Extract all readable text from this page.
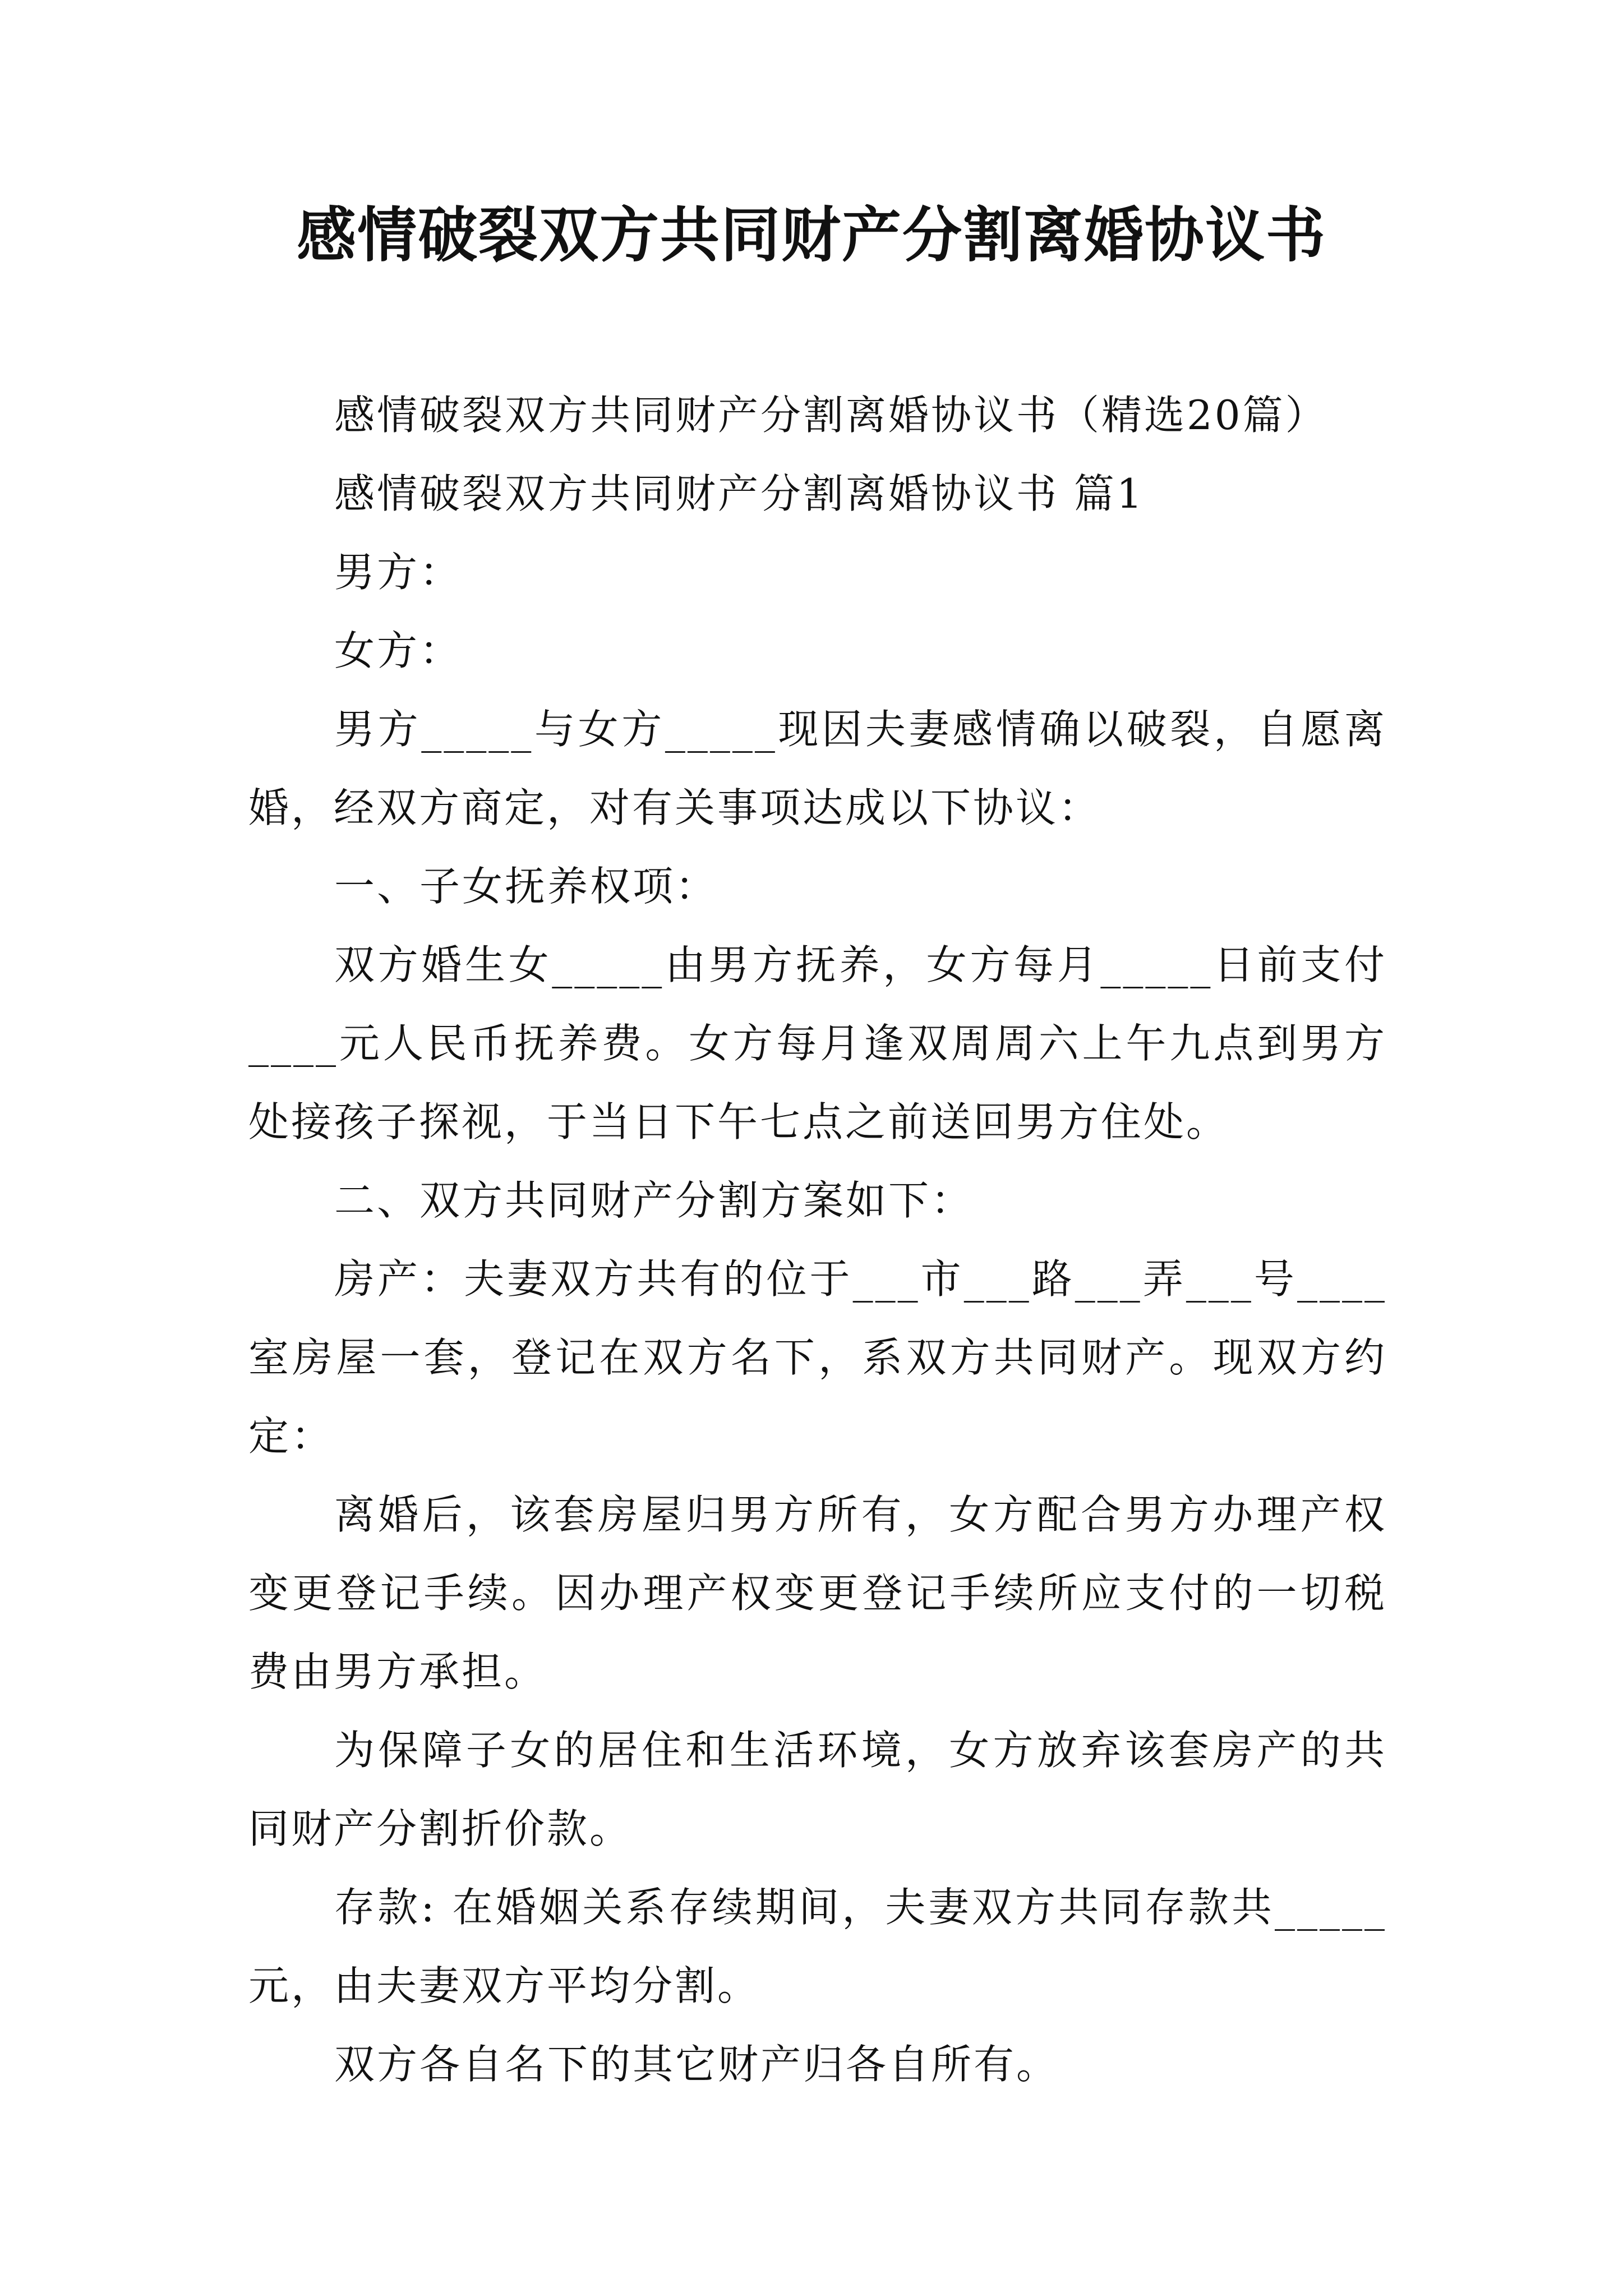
感情破裂双方共同财产分割离婚协议书

感情破裂双方共同财产分割离婚协议书（精选20篇）

感情破裂双方共同财产分割离婚协议书 篇1

男方：

女方：

男方_____与女方_____现因夫妻感情确以破裂，自愿离婚，经双方商定，对有关事项达成以下协议：

一、子女抚养权项：

双方婚生女_____由男方抚养，女方每月_____日前支付____元人民币抚养费。女方每月逢双周周六上午九点到男方处接孩子探视，于当日下午七点之前送回男方住处。

二、双方共同财产分割方案如下：

房产：夫妻双方共有的位于___市___路___弄___号____室房屋一套，登记在双方名下，系双方共同财产。现双方约定：

离婚后，该套房屋归男方所有，女方配合男方办理产权变更登记手续。因办理产权变更登记手续所应支付的一切税费由男方承担。

为保障子女的居住和生活环境，女方放弃该套房产的共同财产分割折价款。

存款: 在婚姻关系存续期间，夫妻双方共同存款共_____元，由夫妻双方平均分割。

双方各自名下的其它财产归各自所有。
